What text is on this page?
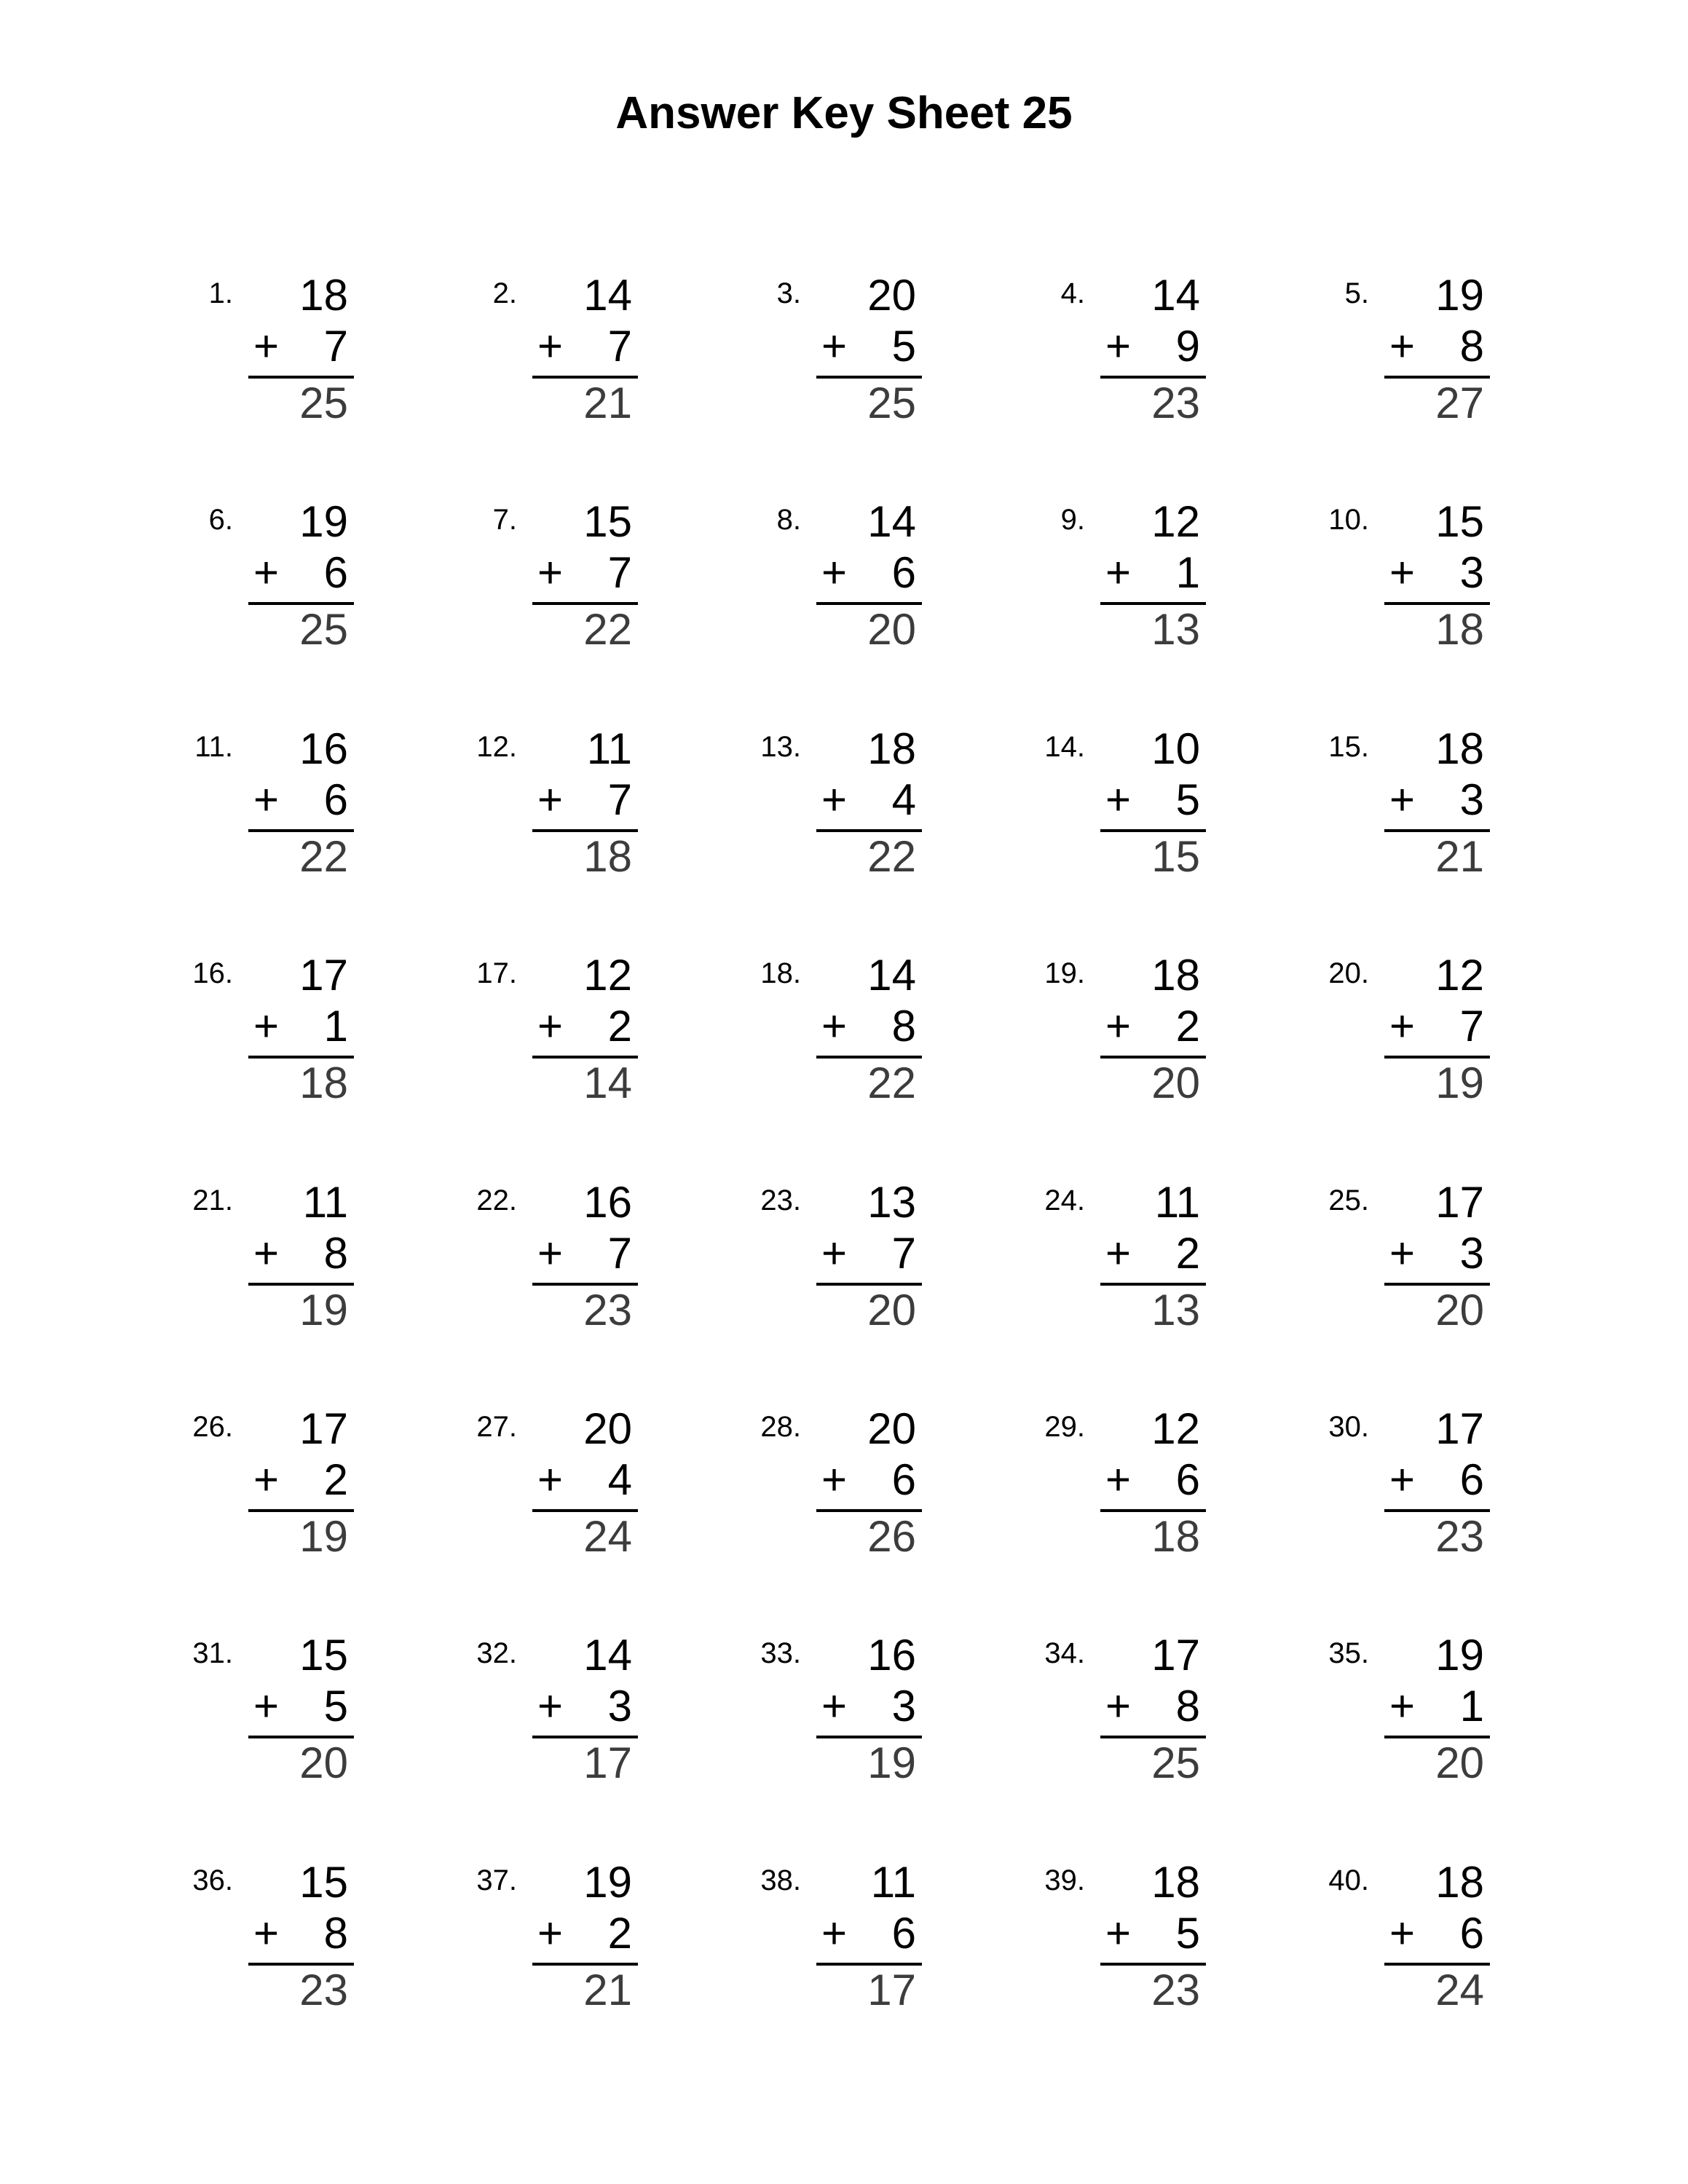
Answer Key Sheet 25
1.	18
+	7
25
2.	14
+	7
21
3.	20
+	5
25
4.	14
+	9
23
5.	19
+	8
27
6.	19
+	6
25
7.	15
+	7
22
8.	14
+	6
20
9.	12
+	1
13
10.	15
+	3
18
11.	16
+	6
22
12.	11
+	7
18
13.	18
+	4
22
14.	10
+	5
15
15.	18
+	3
21
16.	17
+	1
18
17.	12
+	2
14
18.	14
+	8
22
19.	18
+	2
20
20.	12
+	7
19
21.	11
+	8
19
22.	16
+	7
23
23.	13
+	7
20
24.	11
+	2
13
25.	17
+	3
20
26.	17
+	2
19
27.	20
+	4
24
28.	20
+	6
26
29.	12
+	6
18
30.	17
+	6
23
31.	15
+	5
20
32.	14
+	3
17
33.	16
+	3
19
34.	17
+	8
25
35.	19
+	1
20
36.	15
+	8
23
37.	19
+	2
21
38.	11
+	6
17
39.	18
+	5
23
40.	18
+	6
24
